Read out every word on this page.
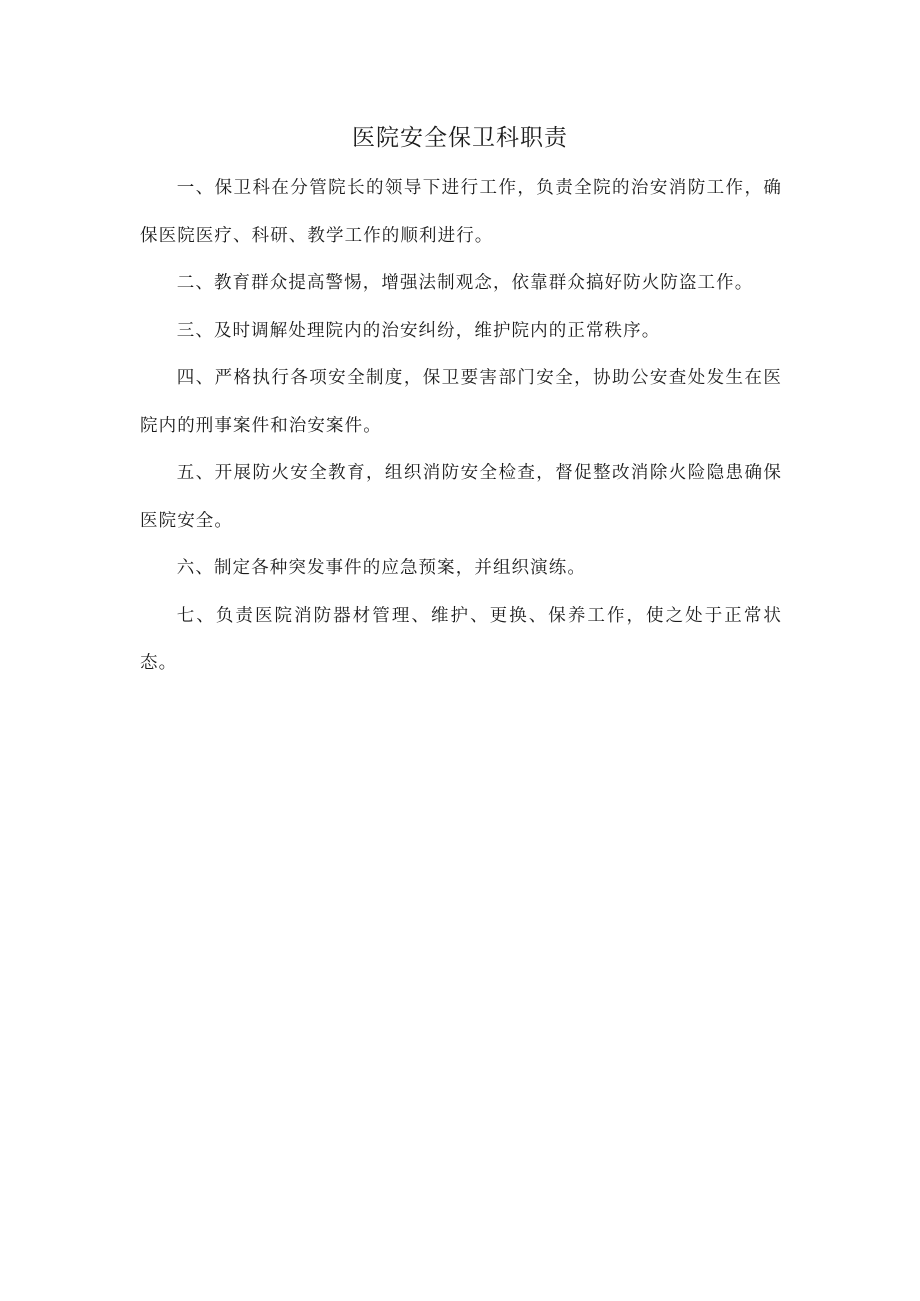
医院安全保卫科职责

一、保卫科在分管院长的领导下进行工作，负责全院的治安消防工作，确保医院医疗、科研、教学工作的顺利进行。

二、教育群众提高警惕，增强法制观念，依靠群众搞好防火防盗工作。

三、及时调解处理院内的治安纠纷，维护院内的正常秩序。

四、严格执行各项安全制度，保卫要害部门安全，协助公安查处发生在医院内的刑事案件和治安案件。

五、开展防火安全教育，组织消防安全检查，督促整改消除火险隐患确保医院安全。

六、制定各种突发事件的应急预案，并组织演练。

七、负责医院消防器材管理、维护、更换、保养工作，使之处于正常状态。
